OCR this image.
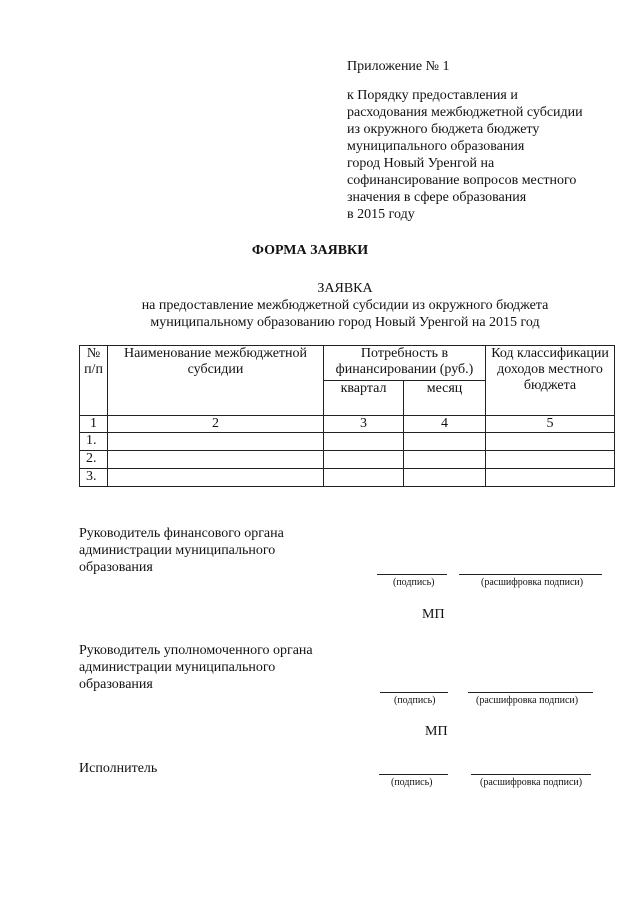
Приложение № 1
к Порядку предоставления и
расходования межбюджетной субсидии
из окружного бюджета бюджету
муниципального образования
город Новый Уренгой на
софинансирование вопросов местного
значения в сфере образования
в 2015 году
ФОРМА ЗАЯВКИ
ЗАЯВКА
на предоставление межбюджетной субсидии из окружного бюджета
муниципальному образованию город Новый Уренгой на 2015 год
№ п/п	Наименование межбюджетной субсидии	Потребность в финансировании (руб.)		Код классификации доходов местного бюджета
		квартал	месяц	
1	2	3	4	5
1.				
2.				
3.				
Руководитель финансового органа
администрации муниципального
образования
(подпись)	(расшифровка подписи)
МП
Руководитель уполномоченного органа
администрации муниципального
образования
(подпись)	(расшифровка подписи)
МП
Исполнитель
(подпись)	(расшифровка подписи)
